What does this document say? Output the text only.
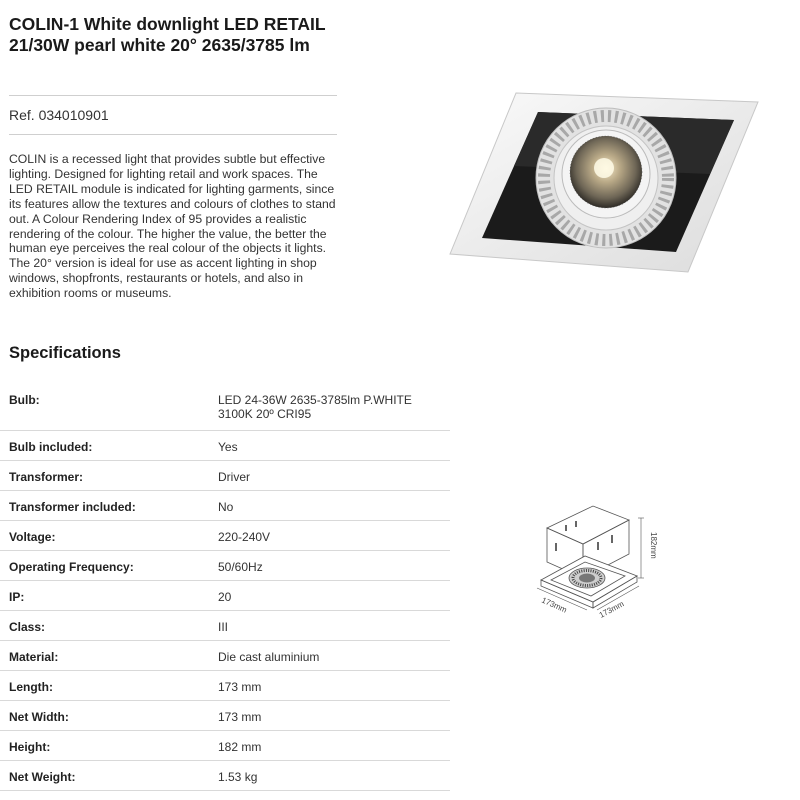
COLIN-1 White downlight LED RETAIL 21/30W pearl white 20° 2635/3785 lm
Ref. 034010901

COLIN is a recessed light that provides subtle but effective lighting. Designed for lighting retail and work spaces. The LED RETAIL module is indicated for lighting garments, since its features allow the textures and colours of clothes to stand out. A Colour Rendering Index of 95 provides a realistic rendering of the colour. The higher the value, the better the human eye perceives the real colour of the objects it lights. The 20° version is ideal for use as accent lighting in shop windows, shopfronts, restaurants or hotels, and also in exhibition rooms or museums.

Specifications
Bulb:	LED 24-36W 2635-3785lm P.WHITE 3100K 20º CRI95
Bulb included:	Yes
Transformer:	Driver
Transformer included:	No
Voltage:	220-240V
Operating Frequency:	50/60Hz
IP:	20
Class:	III
Material:	Die cast aluminium
Length:	173 mm
Net Width:	173 mm
Height:	182 mm
Net Weight:	1.53 kg
182mm
173mm	173mm
